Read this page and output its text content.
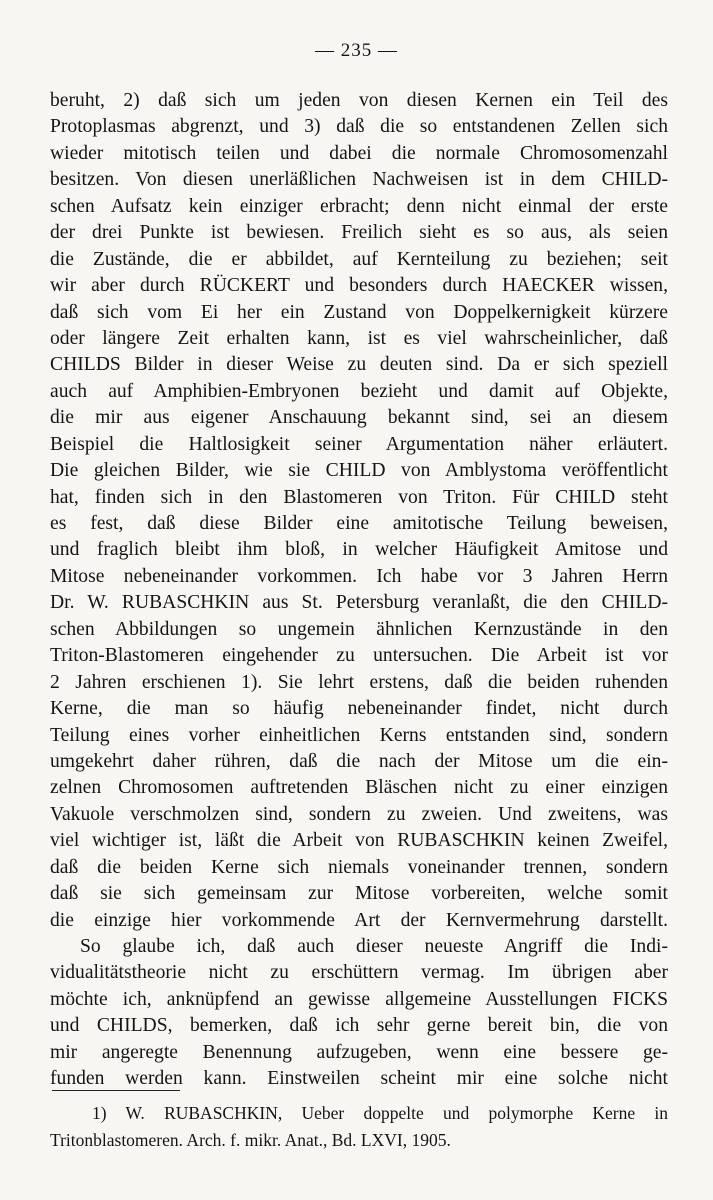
— 235 —
beruht, 2) daß sich um jeden von diesen Kernen ein Teil des
Protoplasmas abgrenzt, und 3) daß die so entstandenen Zellen sich
wieder mitotisch teilen und dabei die normale Chromosomenzahl
besitzen. Von diesen unerläßlichen Nachweisen ist in dem CHILD-
schen Aufsatz kein einziger erbracht; denn nicht einmal der erste
der drei Punkte ist bewiesen. Freilich sieht es so aus, als seien
die Zustände, die er abbildet, auf Kernteilung zu beziehen; seit
wir aber durch RÜCKERT und besonders durch HAECKER wissen,
daß sich vom Ei her ein Zustand von Doppelkernigkeit kürzere
oder längere Zeit erhalten kann, ist es viel wahrscheinlicher, daß
CHILDS Bilder in dieser Weise zu deuten sind. Da er sich speziell
auch auf Amphibien-Embryonen bezieht und damit auf Objekte,
die mir aus eigener Anschauung bekannt sind, sei an diesem
Beispiel die Haltlosigkeit seiner Argumentation näher erläutert.
Die gleichen Bilder, wie sie CHILD von Amblystoma veröffentlicht
hat, finden sich in den Blastomeren von Triton. Für CHILD steht
es fest, daß diese Bilder eine amitotische Teilung beweisen,
und fraglich bleibt ihm bloß, in welcher Häufigkeit Amitose und
Mitose nebeneinander vorkommen. Ich habe vor 3 Jahren Herrn
Dr. W. RUBASCHKIN aus St. Petersburg veranlaßt, die den CHILD-
schen Abbildungen so ungemein ähnlichen Kernzustände in den
Triton-Blastomeren eingehender zu untersuchen. Die Arbeit ist vor
2 Jahren erschienen 1). Sie lehrt erstens, daß die beiden ruhenden
Kerne, die man so häufig nebeneinander findet, nicht durch
Teilung eines vorher einheitlichen Kerns entstanden sind, sondern
umgekehrt daher rühren, daß die nach der Mitose um die ein-
zelnen Chromosomen auftretenden Bläschen nicht zu einer einzigen
Vakuole verschmolzen sind, sondern zu zweien. Und zweitens, was
viel wichtiger ist, läßt die Arbeit von RUBASCHKIN keinen Zweifel,
daß die beiden Kerne sich niemals voneinander trennen, sondern
daß sie sich gemeinsam zur Mitose vorbereiten, welche somit
die einzige hier vorkommende Art der Kernvermehrung darstellt.
So glaube ich, daß auch dieser neueste Angriff die Indi-
vidualitätstheorie nicht zu erschüttern vermag. Im übrigen aber
möchte ich, anknüpfend an gewisse allgemeine Ausstellungen FICKS
und CHILDS, bemerken, daß ich sehr gerne bereit bin, die von
mir angeregte Benennung aufzugeben, wenn eine bessere ge-
funden werden kann. Einstweilen scheint mir eine solche nicht
1) W. RUBASCHKIN, Ueber doppelte und polymorphe Kerne in
Tritonblastomeren. Arch. f. mikr. Anat., Bd. LXVI, 1905.
